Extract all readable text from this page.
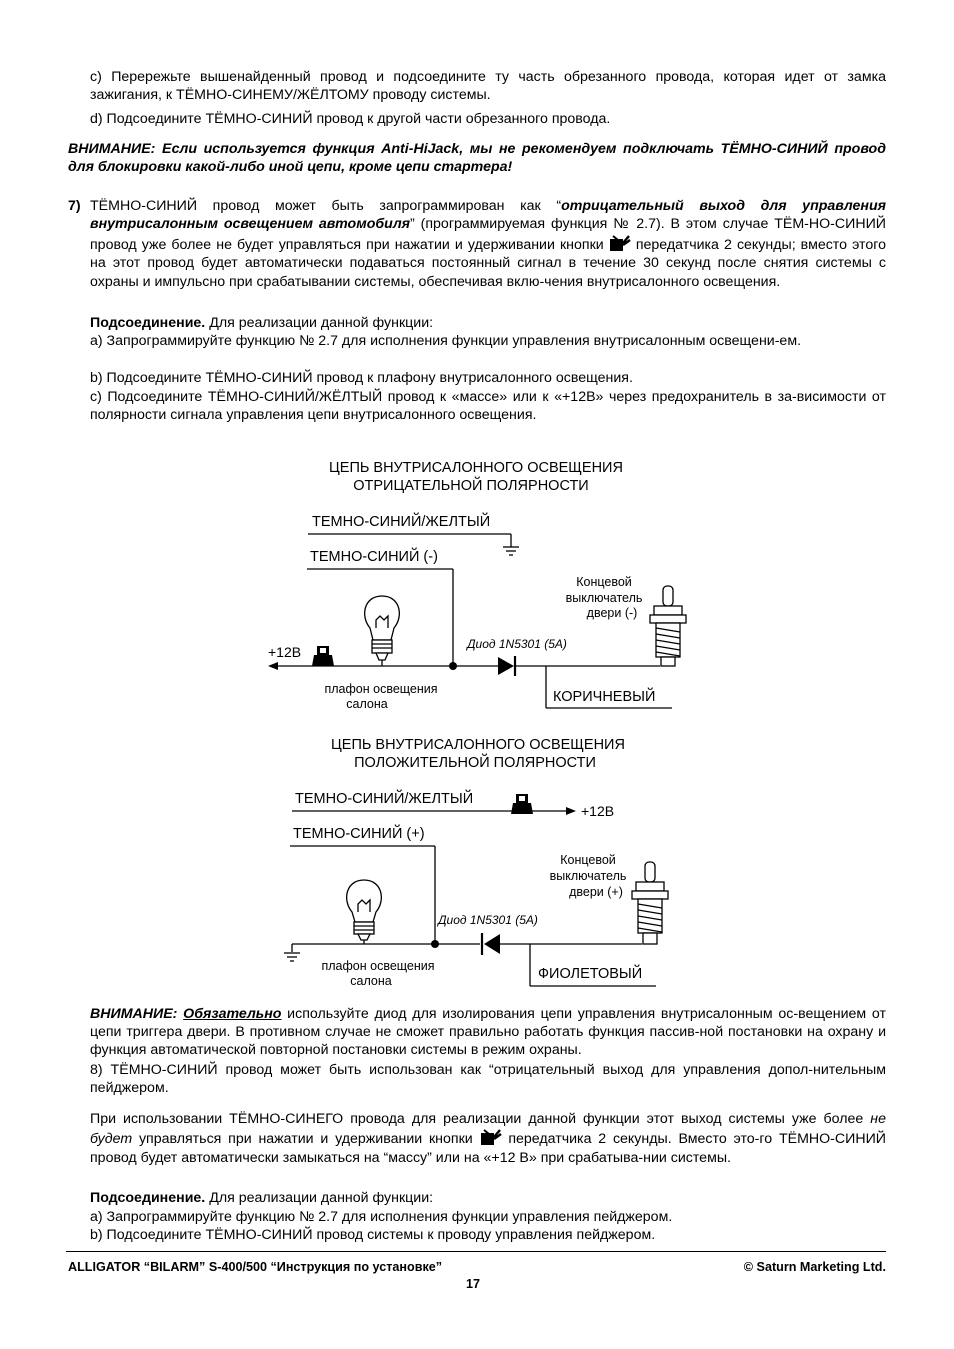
c) Перережьте вышенайденный провод и подсоедините ту часть обрезанного провода, которая идет от замка зажигания, к ТЁМНО-СИНЕМУ/ЖЁЛТОМУ проводу системы.

d) Подсоедините ТЁМНО-СИНИЙ провод к другой части обрезанного провода.

ВНИМАНИЕ: Если используется функция Anti-HiJack, мы не рекомендуем подключать ТЁМНО-СИНИЙ провод для блокировки какой-либо иной цепи, кроме цепи стартера!

7) ТЁМНО-СИНИЙ провод может быть запрограммирован как “отрицательный выход для управления внутрисалонным освещением автомобиля” (программируемая функция № 2.7). В этом случае ТЁМ-НО-СИНИЙ провод уже более не будет управляться при нажатии и удерживании кнопки передатчика 2 секунды; вместо этого на этот провод будет автоматически подаваться постоянный сигнал в течение 30 секунд после снятия системы с охраны и импульсно при срабатывании системы, обеспечивая вклю-чения внутрисалонного освещения.

Подсоединение. Для реализации данной функции:

a) Запрограммируйте функцию № 2.7 для исполнения функции управления внутрисалонным освещени-ем.

b) Подсоедините ТЁМНО-СИНИЙ провод к плафону внутрисалонного освещения.

c) Подсоедините ТЁМНО-СИНИЙ/ЖЁЛТЫЙ провод к «массе» или к «+12В» через предохранитель в за-висимости от полярности сигнала управления цепи внутрисалонного освещения.

ЦЕПЬ ВНУТРИСАЛОННОГО ОСВЕЩЕНИЯ
ОТРИЦАТЕЛЬНОЙ ПОЛЯРНОСТИ
ТЕМНО-СИНИЙ/ЖЕЛТЫЙ
ТЕМНО-СИНИЙ (-)
+12В
плафон освещения
салона
Диод 1N5301 (5А)
КОРИЧНЕВЫЙ
Концевой
выключатель
двери (-)
ЦЕПЬ ВНУТРИСАЛОННОГО ОСВЕЩЕНИЯ
ПОЛОЖИТЕЛЬНОЙ ПОЛЯРНОСТИ
ТЕМНО-СИНИЙ/ЖЕЛТЫЙ
+12В
ТЕМНО-СИНИЙ (+)
плафон освещения
салона
Диод 1N5301 (5А)
ФИОЛЕТОВЫЙ
Концевой
выключатель
двери (+)

ВНИМАНИЕ: Обязательно используйте диод для изолирования цепи управления внутрисалонным ос-вещением от цепи триггера двери. В противном случае не сможет правильно работать функция пассив-ной постановки на охрану и функция автоматической повторной постановки системы в режим охраны.

8) ТЁМНО-СИНИЙ провод может быть использован как “отрицательный выход для управления допол-нительным пейджером.

При использовании ТЁМНО-СИНЕГО провода для реализации данной функции этот выход системы уже более не будет управляться при нажатии и удерживании кнопки  передатчика 2 секунды. Вместо это-го ТЁМНО-СИНИЙ провод будет автоматически замыкаться на “массу” или на «+12 В» при срабатыва-нии системы.

Подсоединение. Для реализации данной функции:

a) Запрограммируйте функцию № 2.7 для исполнения функции управления пейджером.

b) Подсоедините ТЁМНО-СИНИЙ провод системы к проводу управления пейджером.

ALLIGATOR “BILARM” S-400/500 “Инструкция по установке”	© Saturn Marketing Ltd.
17
